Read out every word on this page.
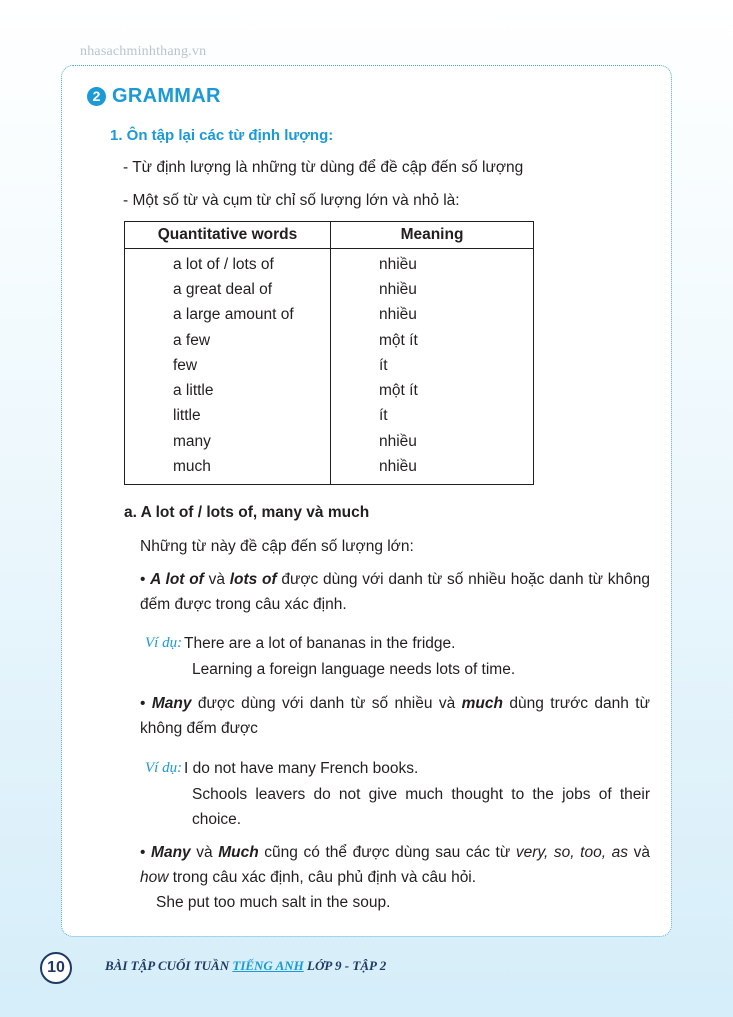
nhasachminhthang.vn
2 GRAMMAR
1. Ôn tập lại các từ định lượng:
- Từ định lượng là những từ dùng để đề cập đến số lượng
- Một số từ và cụm từ chỉ số lượng lớn và nhỏ là:
Quantitative words	Meaning
a lot of / lots of	nhiều
a great deal of	nhiều
a large amount of	nhiều
a few	một ít
few	ít
a little	một ít
little	ít
many	nhiều
much	nhiều
a. A lot of / lots of, many và much
Những từ này đề cập đến số lượng lớn:
• A lot of và lots of được dùng với danh từ số nhiều hoặc danh từ không đếm được trong câu xác định.
Ví dụ: There are a lot of bananas in the fridge.
Learning a foreign language needs lots of time.
• Many được dùng với danh từ số nhiều và much dùng trước danh từ không đếm được
Ví dụ: I do not have many French books.
Schools leavers do not give much thought to the jobs of their choice.
• Many và Much cũng có thể được dùng sau các từ very, so, too, as và how trong câu xác định, câu phủ định và câu hỏi.
She put too much salt in the soup.
10	BÀI TẬP CUỐI TUẦN TIẾNG ANH LỚP 9 - TẬP 2
